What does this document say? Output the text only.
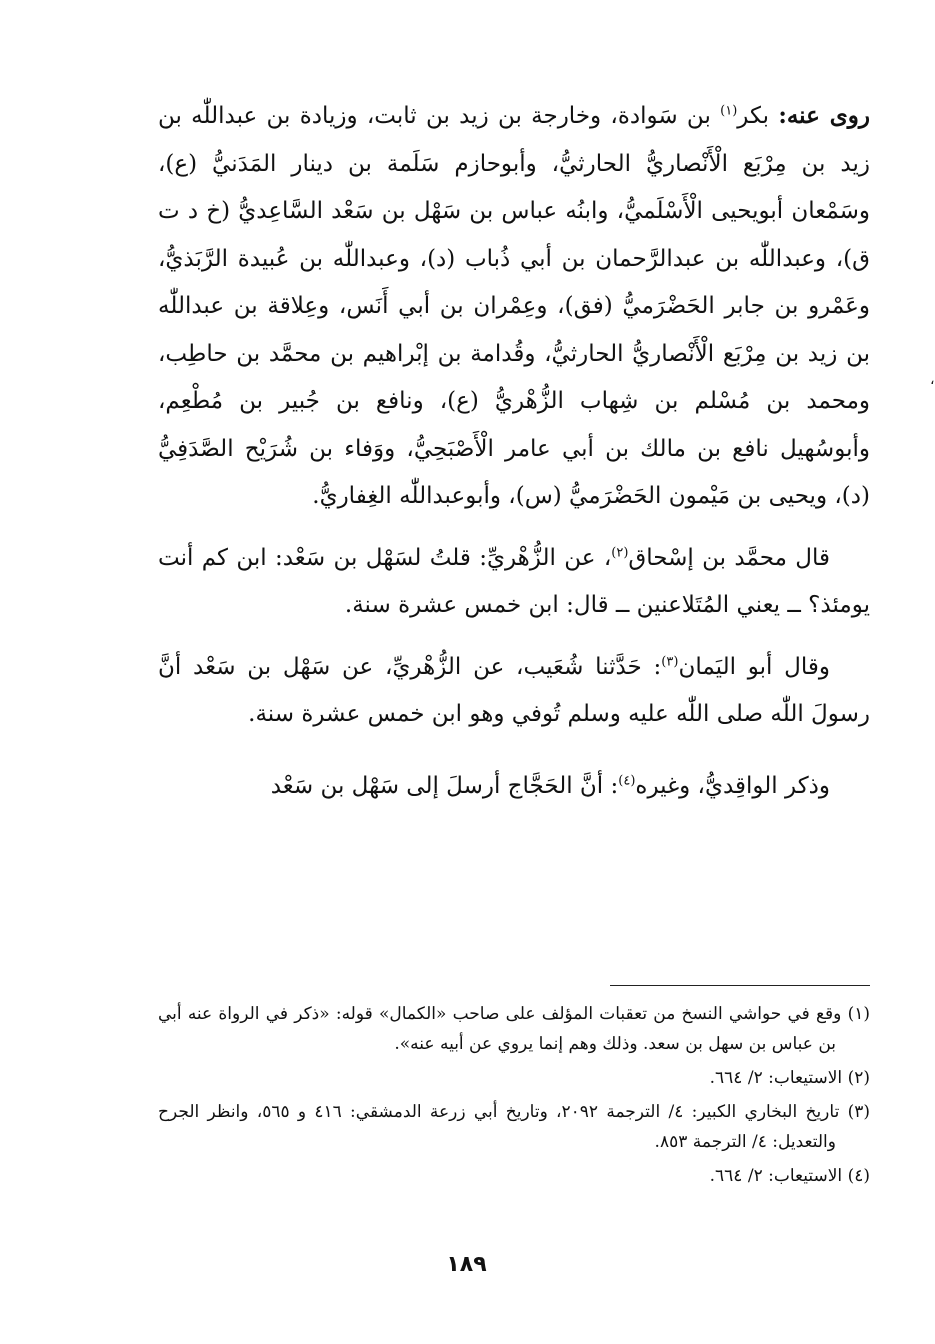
روى عنه: بكر$^{(١)}$ بن سَوادة، وخارجة بن زيد بن ثابت، وزيادة بن عبداللّٰه بن زيد بن مِرْبَع الْأَنْصاريُّ الحارثيُّ، وأبوحازم سَلَمة بن دينار المَدَنيُّ (ع)، وسَمْعان أبويحيى الْأَسْلَميُّ، وابنُه عباس بن سَهْل بن سَعْد السَّاعِديُّ (خ د ت ق)، وعبداللّٰه بن عبدالرَّحمان بن أبي ذُباب (د)، وعبداللّٰه بن عُبيدة الرَّبَذيُّ، وعَمْرو بن جابر الحَضْرَميُّ (فق)، وعِمْران بن أبي أَنَس، وعِلاقة بن عبداللّٰه بن زيد بن مِرْبَع الْأَنْصاريُّ الحارثيُّ، وقُدامة بن إبْراهيم بن محمَّد بن حاطِب، ومحمد بن مُسْلم بن شِهاب الزُّهْريُّ (ع)، ونافع بن جُبير بن مُطْعِم، وأبوسُهيل نافع بن مالك بن أبي عامر الْأَصْبَحِيُّ، ووَفاء بن شُرَيْح الصَّدَفِيُّ (د)، ويحيى بن مَيْمون الحَضْرَميُّ (س)، وأبوعبداللّٰه الغِفاريُّ.

قال محمَّد بن إسْحاق$^{(٢)}$، عن الزُّهْريِّ: قلتُ لسَهْل بن سَعْد: ابن كم أنت يومئذ؟ ــ يعني المُتَلاعنين ــ قال: ابن خمس عشرة سنة.

وقال أبو اليَمان$^{(٣)}$: حَدَّثنا شُعَيب، عن الزُّهْريِّ، عن سَهْل بن سَعْد أنَّ رسولَ اللّٰه صلى اللّٰه عليه وسلم تُوفي وهو ابن خمس عشرة سنة.

وذكر الواقِديُّ، وغيره$^{(٤)}$: أنَّ الحَجَّاج أرسلَ إلى سَهْل بن سَعْد

(١) وقع في حواشي النسخ من تعقبات المؤلف على صاحب «الكمال» قوله: «ذكر في الرواة عنه أبي بن عباس بن سهل بن سعد. وذلك وهم إنما يروي عن أبيه عنه».

(٢) الاستيعاب: ٢/ ٦٦٤.

(٣) تاريخ البخاري الكبير: ٤/ الترجمة ٢٠٩٢، وتاريخ أبي زرعة الدمشقي: ٤١٦ و ٥٦٥، وانظر الجرح والتعديل: ٤/ الترجمة ٨٥٣.

(٤) الاستيعاب: ٢/ ٦٦٤.

١٨٩
،
